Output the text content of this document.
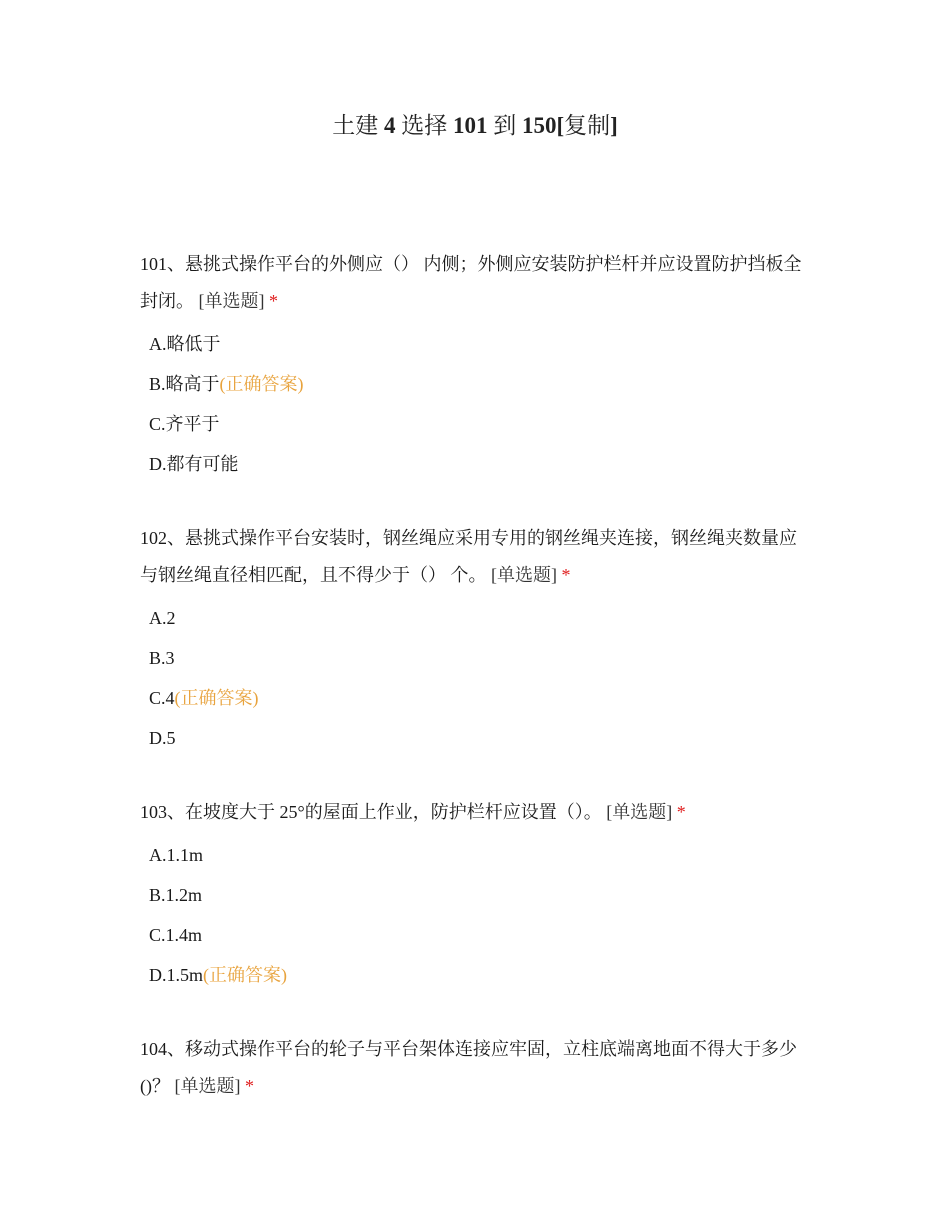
土建 4 选择 101 到 150[复制]

101、悬挑式操作平台的外侧应（） 内侧；外侧应安装防护栏杆并应设置防护挡板全封闭。 [单选题] *

A.略低于
B.略高于(正确答案)
C.齐平于
D.都有可能

102、悬挑式操作平台安装时，钢丝绳应采用专用的钢丝绳夹连接，钢丝绳夹数量应与钢丝绳直径相匹配，且不得少于（） 个。 [单选题] *

A.2
B.3
C.4(正确答案)
D.5

103、在坡度大于 25°的屋面上作业，防护栏杆应设置（）。 [单选题] *

A.1.1m
B.1.2m
C.1.4m
D.1.5m(正确答案)

104、移动式操作平台的轮子与平台架体连接应牢固，立柱底端离地面不得大于多少()？ [单选题] *
